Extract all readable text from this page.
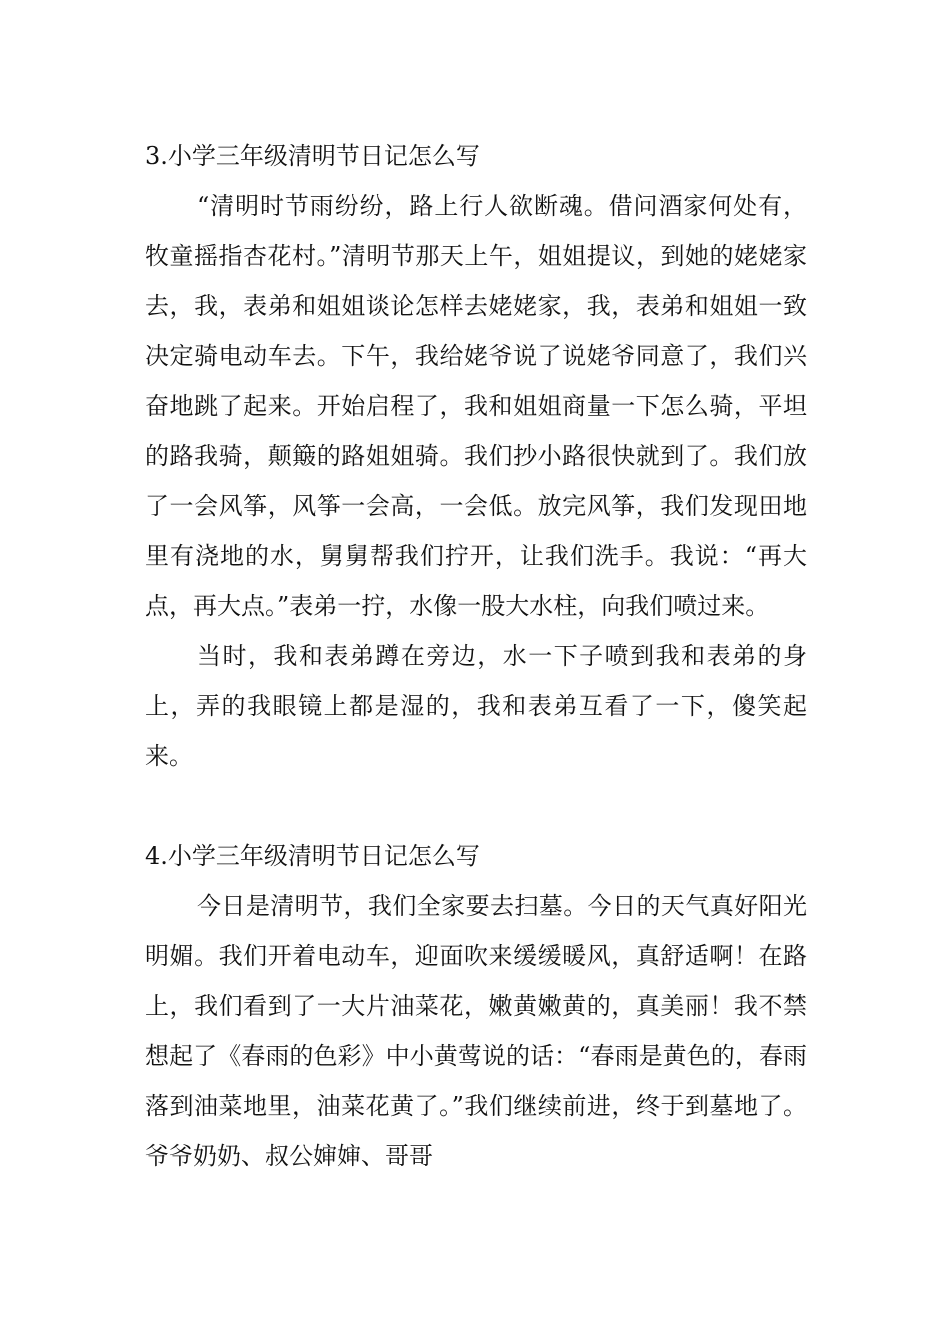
3.小学三年级清明节日记怎么写

“清明时节雨纷纷，路上行人欲断魂。借问酒家何处有，牧童摇指杏花村。”清明节那天上午，姐姐提议，到她的姥姥家去，我，表弟和姐姐谈论怎样去姥姥家，我，表弟和姐姐一致决定骑电动车去。下午，我给姥爷说了说姥爷同意了，我们兴奋地跳了起来。开始启程了，我和姐姐商量一下怎么骑，平坦的路我骑，颠簸的路姐姐骑。我们抄小路很快就到了。我们放了一会风筝，风筝一会高，一会低。放完风筝，我们发现田地里有浇地的水，舅舅帮我们拧开，让我们洗手。我说：“再大点，再大点。”表弟一拧，水像一股大水柱，向我们喷过来。

当时，我和表弟蹲在旁边，水一下子喷到我和表弟的身上，弄的我眼镜上都是湿的，我和表弟互看了一下，傻笑起来。

4.小学三年级清明节日记怎么写

今日是清明节，我们全家要去扫墓。今日的天气真好阳光明媚。我们开着电动车，迎面吹来缓缓暖风，真舒适啊！在路上，我们看到了一大片油菜花，嫩黄嫩黄的，真美丽！我不禁想起了《春雨的色彩》中小黄莺说的话：“春雨是黄色的，春雨落到油菜地里，油菜花黄了。”我们继续前进，终于到墓地了。爷爷奶奶、叔公婶婶、哥哥
